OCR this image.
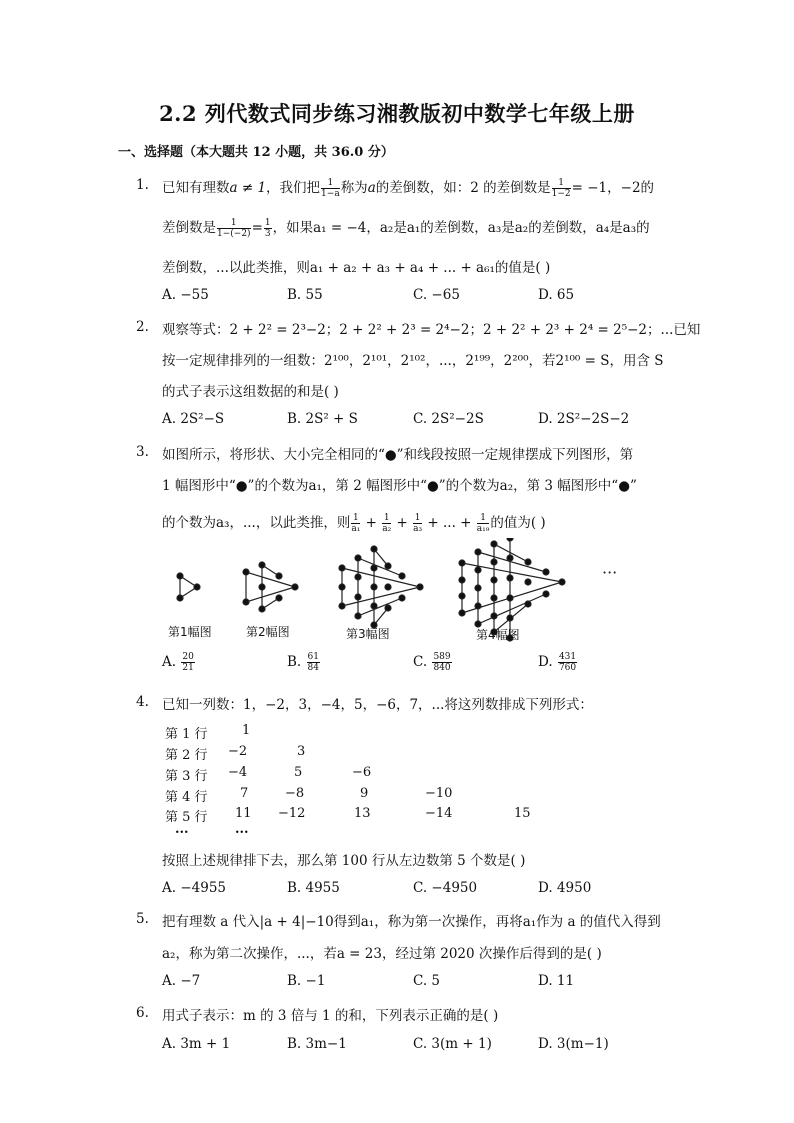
2.2 列代数式同步练习湘教版初中数学七年级上册
一、选择题（本大题共 12 小题，共 36.0 分）
1. 已知有理数a ≠ 1，我们把 $\frac{1}{1-a}$ 称为a的差倒数，如：2 的差倒数是 $\frac{1}{1-2} = -1$，−2的
差倒数是 $\frac{1}{1-(-2)} = \frac{1}{3}$ ，如果a₁ = −4，a₂是a₁的差倒数，a₃是a₂的差倒数，a₄是a₃的
差倒数，...以此类推，则a₁ + a₂ + a₃ + a₄ + ... + a₆₁的值是( )
A. −55	B. 55	C. −65	D. 65
2. 观察等式：2 + 2² = 2³−2；2 + 2² + 2³ = 2⁴−2；2 + 2² + 2³ + 2⁴ = 2⁵−2；...已知
按一定规律排列的一组数：2¹⁰⁰，2¹⁰¹，2¹⁰²，...，2¹⁹⁹，2²⁰⁰，若2¹⁰⁰ = S，用含 S
的式子表示这组数据的和是( )
A. 2S²−S	B. 2S² + S	C. 2S²−2S	D. 2S²−2S−2
3. 如图所示，将形状、大小完全相同的“●”和线段按照一定规律摆成下列图形，第
1 幅图形中“●”的个数为a₁，第 2 幅图形中“●”的个数为a₂，第 3 幅图形中“●”
的个数为a₃，...，以此类推，则 $\frac{1}{\text{a₁}} + \frac{1}{\text{a₂}} + \frac{1}{\text{a₃}}$ + ... + $\frac{1}{\text{a₁₉}}$ 的值为( )
···
第1幅图	第2幅图	第3幅图	第4幅图
A. $\frac{20}{21}$	B. $\frac{61}{84}$	C. $\frac{589}{840}$	D. $\frac{431}{760}$
4. 已知一列数：1，−2，3，−4，5，−6，7，...将这列数排成下列形式：
第 1 行	1
第 2 行 −2	3
第 3 行 −4	5	−6
第 4 行 7	−8	9	−10
第 5 行 11 −12	13	−14	15
...	...
按照上述规律排下去，那么第 100 行从左边数第 5 个数是( )
A. −4955	B. 4955	C. −4950	D. 4950
5. 把有理数 a 代入|a + 4|−10得到a₁，称为第一次操作，再将a₁作为 a 的值代入得到
a₂，称为第二次操作，...，若a = 23，经过第 2020 次操作后得到的是( )
A. −7	B. −1	C. 5	D. 11
6. 用式子表示：m 的 3 倍与 1 的和，下列表示正确的是( )
A. 3m + 1	B. 3m−1	C. 3(m + 1)	D. 3(m−1)
